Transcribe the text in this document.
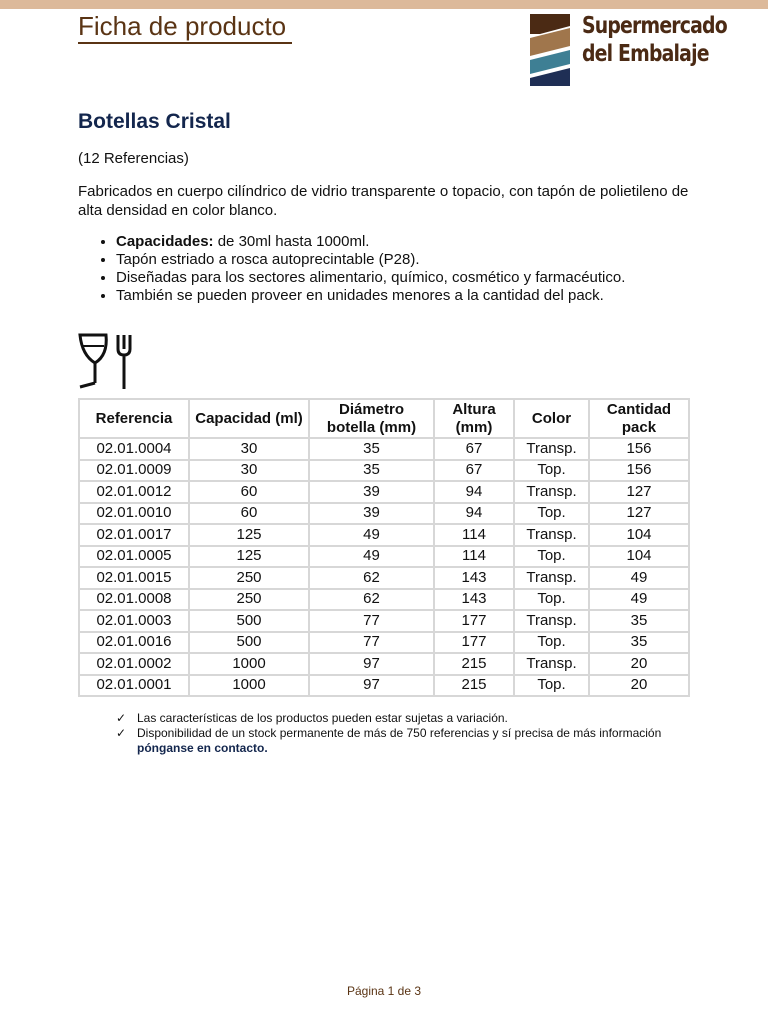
Ficha de producto	Supermercado
del Embalaje
Botellas Cristal
(12 Referencias)
Fabricados en cuerpo cilíndrico de vidrio transparente o topacio, con tapón de polietileno de alta densidad en color blanco.
• Capacidades: de 30ml hasta 1000ml.
• Tapón estriado a rosca autoprecintable (P28).
• Diseñadas para los sectores alimentario, químico, cosmético y farmacéutico.
• También se pueden proveer en unidades menores a la cantidad del pack.
Referencia	Capacidad (ml)	Diámetro botella (mm)	Altura (mm)	Color	Cantidad pack
02.01.0004	30	35	67	Transp.	156
02.01.0009	30	35	67	Top.	156
02.01.0012	60	39	94	Transp.	127
02.01.0010	60	39	94	Top.	127
02.01.0017	125	49	114	Transp.	104
02.01.0005	125	49	114	Top.	104
02.01.0015	250	62	143	Transp.	49
02.01.0008	250	62	143	Top.	49
02.01.0003	500	77	177	Transp.	35
02.01.0016	500	77	177	Top.	35
02.01.0002	1000	97	215	Transp.	20
02.01.0001	1000	97	215	Top.	20
✓ Las características de los productos pueden estar sujetas a variación.
✓ Disponibilidad de un stock permanente de más de 750 referencias y sí precisa de más información pónganse en contacto.
Página 1 de 3
